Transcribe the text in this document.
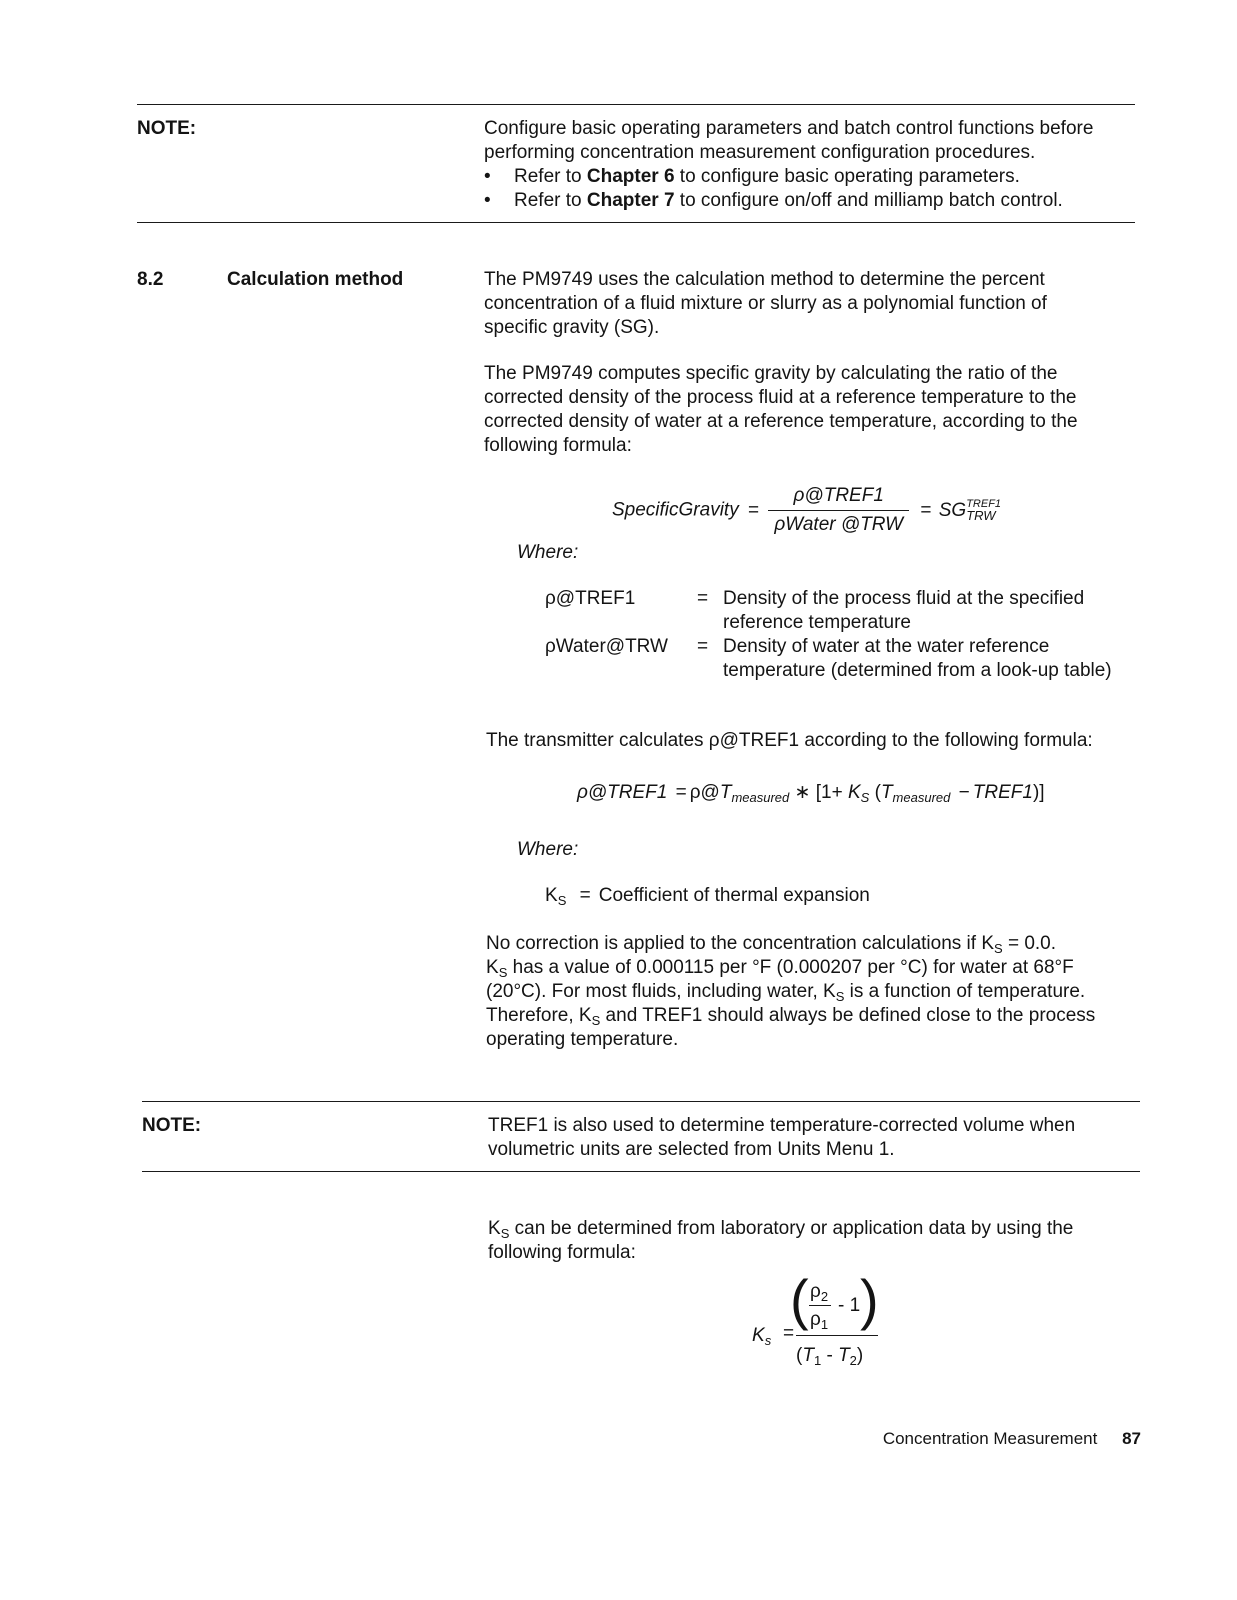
NOTE:	Configure basic operating parameters and batch control functions before performing concentration measurement configuration procedures.

• Refer to Chapter 6 to configure basic operating parameters.
• Refer to Chapter 7 to configure on/off and milliamp batch control.
8.2	Calculation method	The PM9749 uses the calculation method to determine the percent concentration of a fluid mixture or slurry as a polynomial function of specific gravity (SG).

The PM9749 computes specific gravity by calculating the ratio of the corrected density of the process fluid at a reference temperature to the corrected density of water at a reference temperature, according to the following formula:

SpecificGravity = $\frac{\text{ρ@TREF1}}{\text{ρWater @TRW}}$ = SG TREF1
TRW
Where:
ρ@TREF1	=	Density of the process fluid at the specified reference temperature
ρWater@TRW	=	Density of water at the water reference temperature (determined from a look-up table)

The transmitter calculates ρ@TREF1 according to the following formula:

ρ@TREF1 = $\rho@T_{measured}$ ∗ [$1+ K_S$ ($T_{measured}$ − TREF1)]
Where:
$K_S$ = Coefficient of thermal expansion
No correction is applied to the concentration calculations if $K_S = 0.0$.
$K_S$ has a value of 0.000115 per °F (0.000207 per °C) for water at 68°F
(20°C). For most fluids, including water, $K_S$ is a function of temperature.
Therefore, $K_S$ and TREF1 should always be defined close to the process
operating temperature.
NOTE:	TREF1 is also used to determine temperature-corrected volume when volumetric units are selected from Units Menu 1.

$K_S$ can be determined from laboratory or application data by using the following formula:
$K_s$ =
( )
$\rho_2$
$\rho_1$
- 1
$(T_1 - T_2)$
Concentration Measurement 87
